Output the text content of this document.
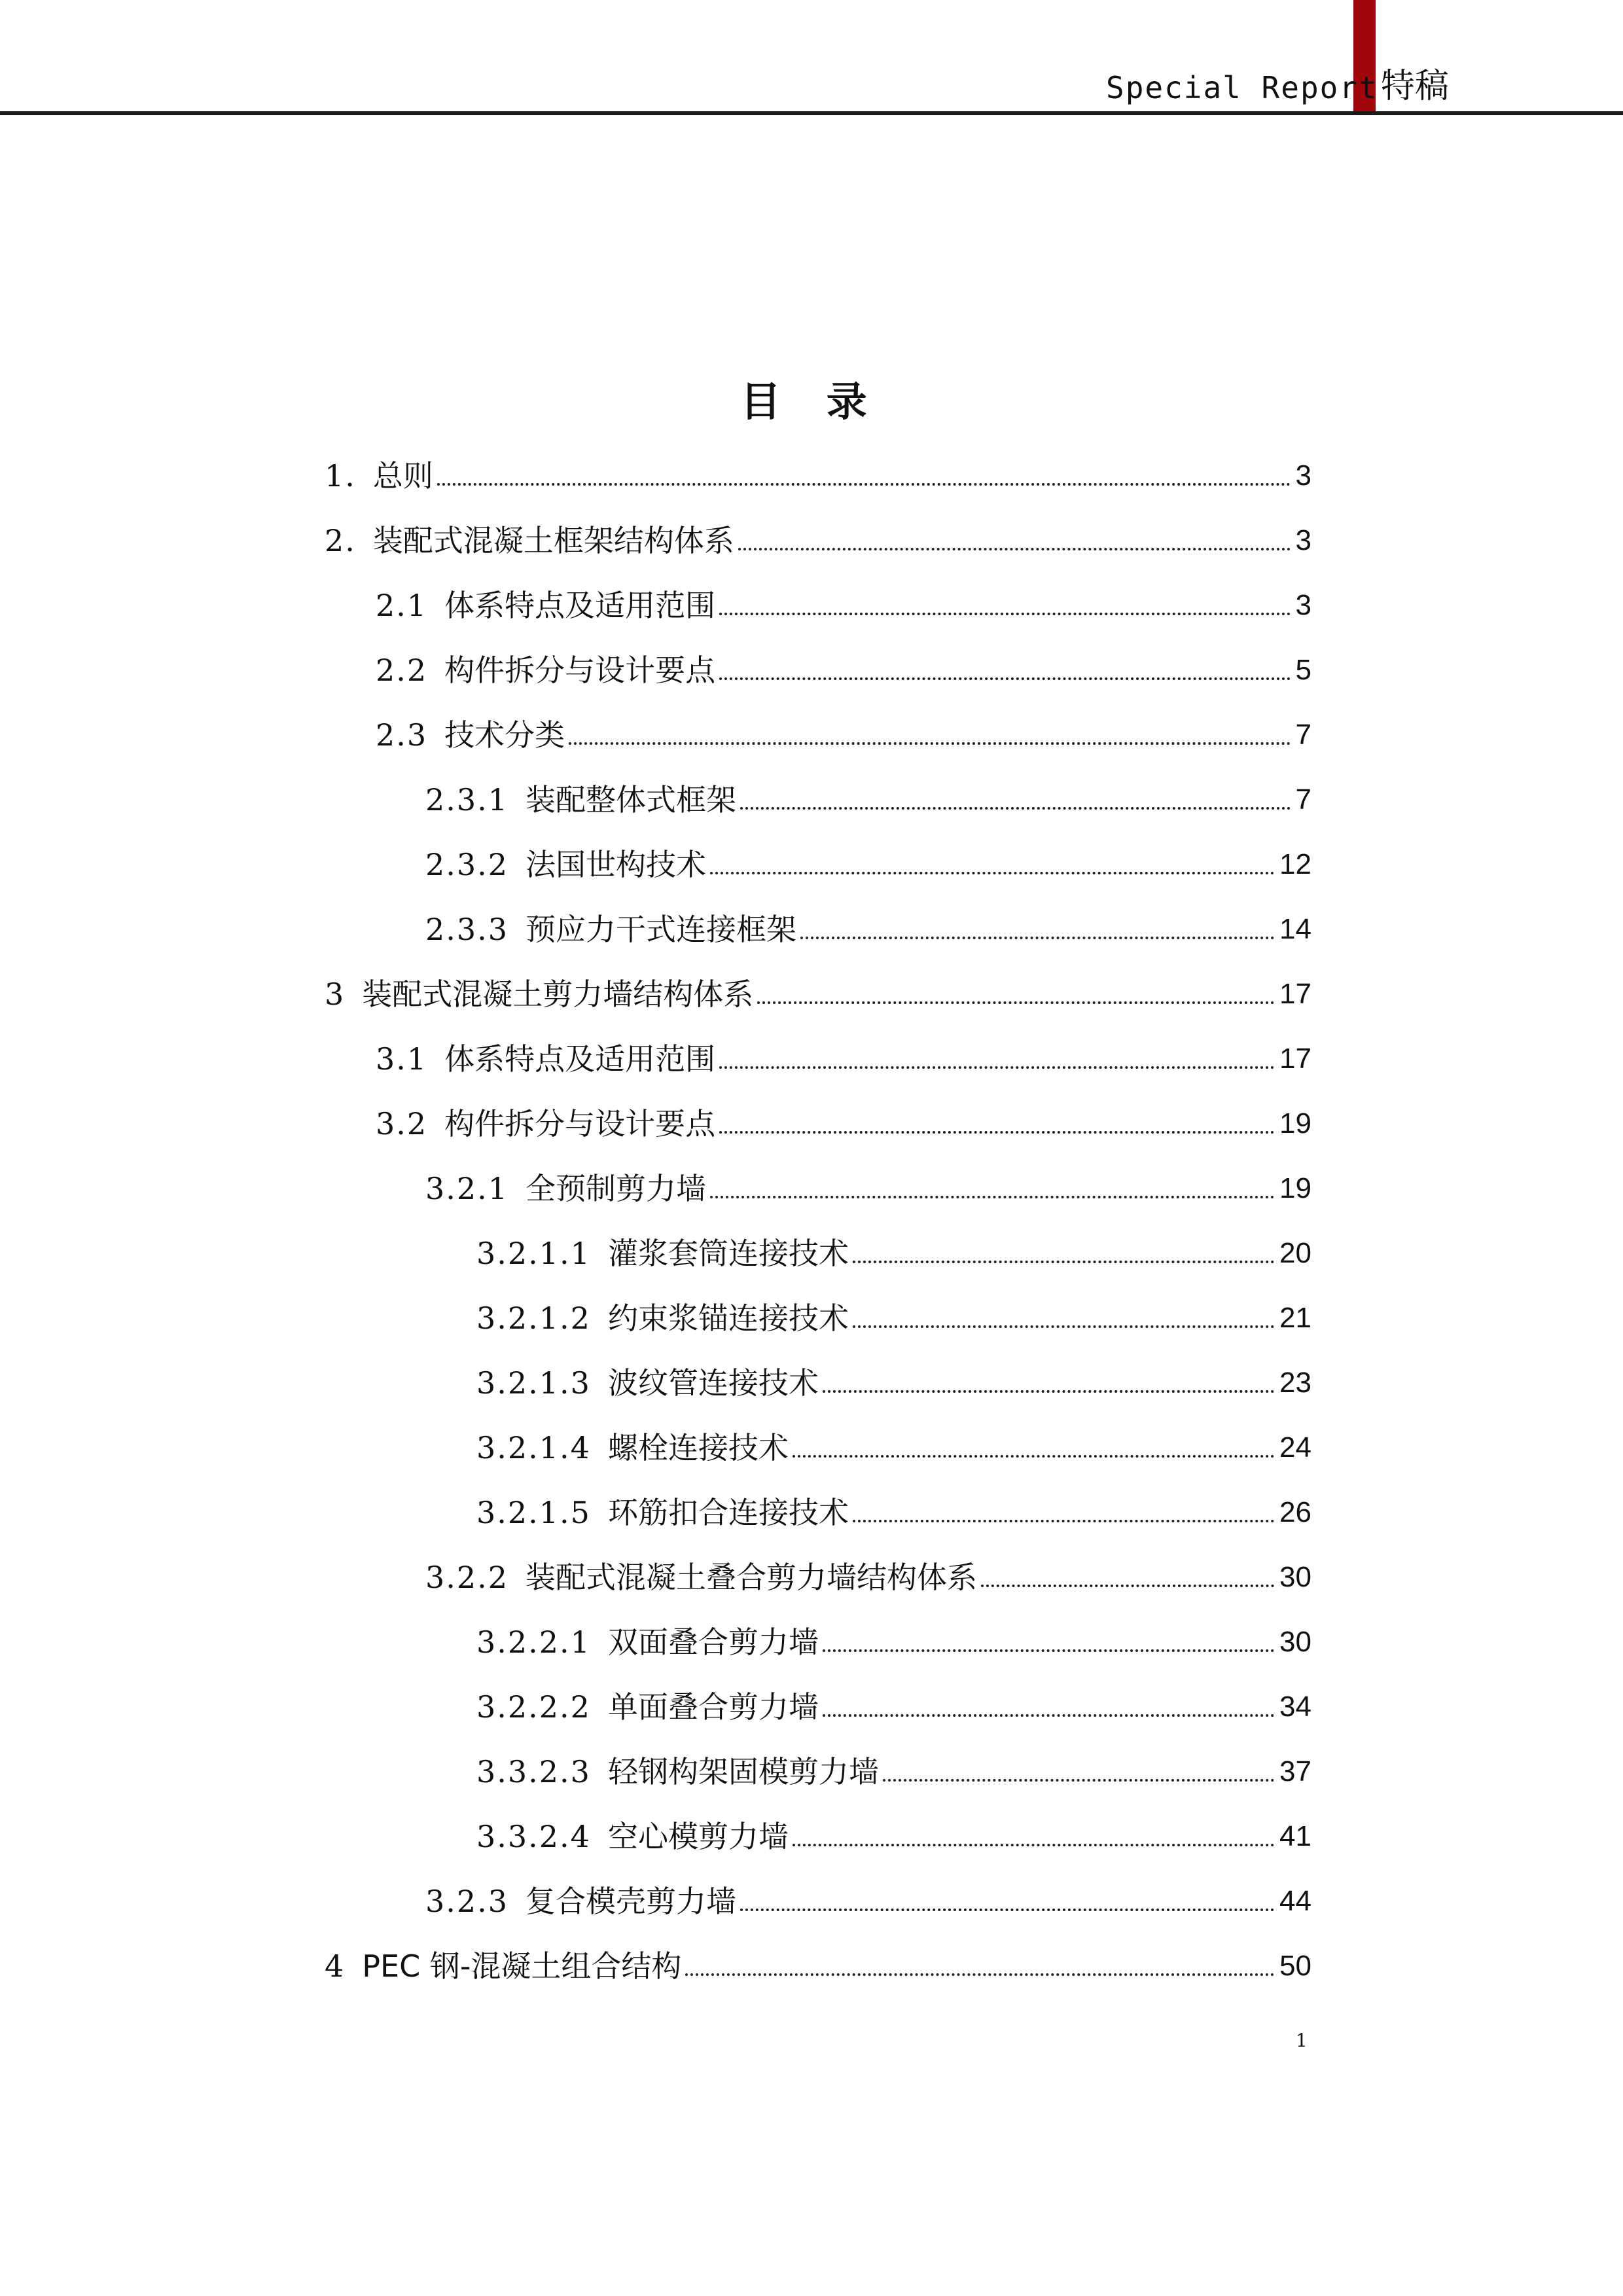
Special Report 特稿
目 录
1. 总则	3
2. 装配式混凝土框架结构体系	3
2.1 体系特点及适用范围	3
2.2 构件拆分与设计要点	5
2.3 技术分类	7
2.3.1 装配整体式框架	7
2.3.2 法国世构技术	12
2.3.3 预应力干式连接框架	14
3 装配式混凝土剪力墙结构体系	17
3.1 体系特点及适用范围	17
3.2 构件拆分与设计要点	19
3.2.1 全预制剪力墙	19
3.2.1.1 灌浆套筒连接技术	20
3.2.1.2 约束浆锚连接技术	21
3.2.1.3 波纹管连接技术	23
3.2.1.4 螺栓连接技术	24
3.2.1.5 环筋扣合连接技术	26
3.2.2 装配式混凝土叠合剪力墙结构体系	30
3.2.2.1 双面叠合剪力墙	30
3.2.2.2 单面叠合剪力墙	34
3.3.2.3 轻钢构架固模剪力墙	37
3.3.2.4 空心模剪力墙	41
3.2.3 复合模壳剪力墙	44
4 PEC 钢-混凝土组合结构	50
1
